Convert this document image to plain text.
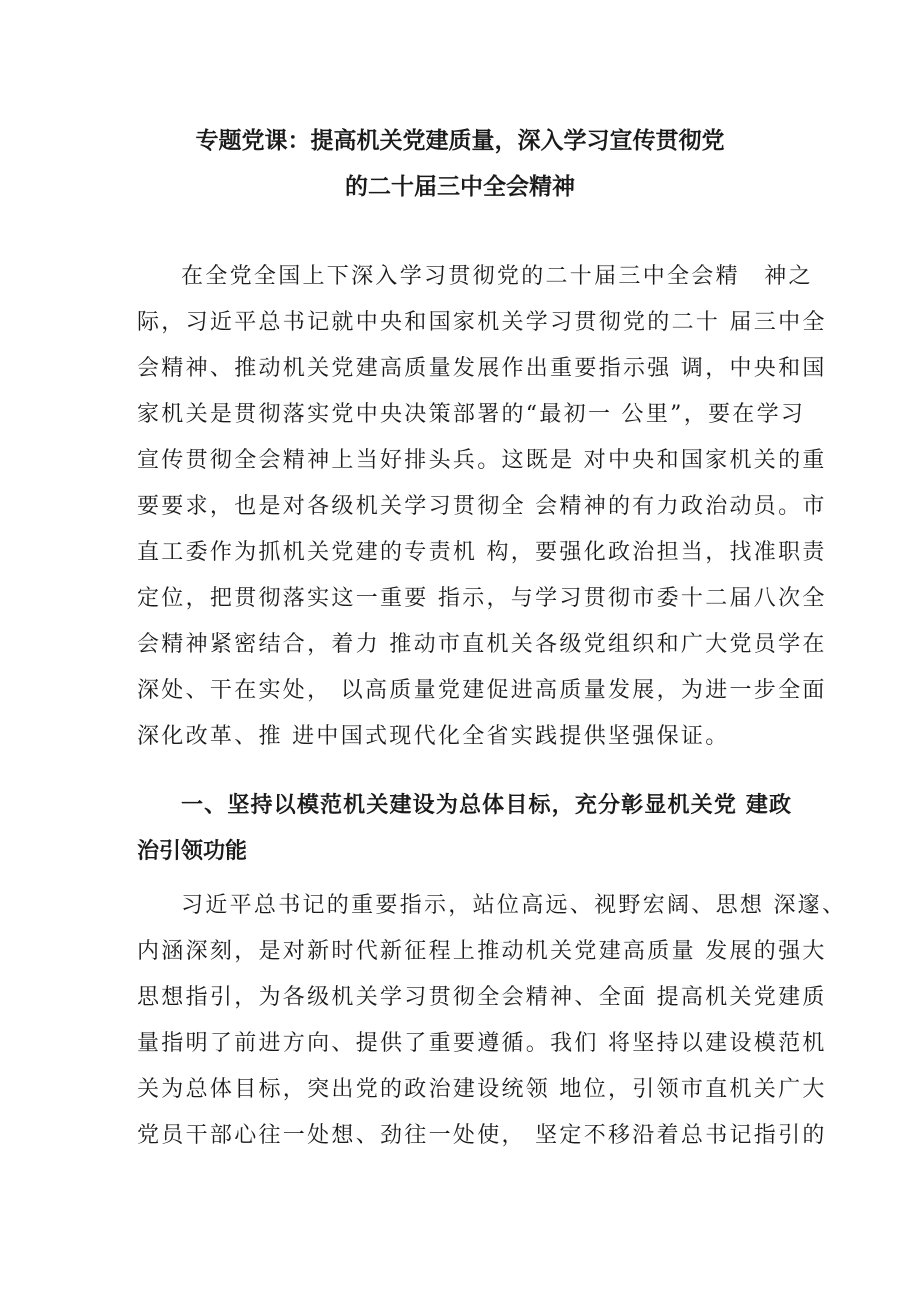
专题党课：提高机关党建质量，深入学习宣传贯彻党
的二十届三中全会精神
在全党全国上下深入学习贯彻党的二十届三中全会精　神之
际，习近平总书记就中央和国家机关学习贯彻党的二十 届三中全
会精神、推动机关党建高质量发展作出重要指示强 调，中央和国
家机关是贯彻落实党中央决策部署的“最初一 公里”，要在学习
宣传贯彻全会精神上当好排头兵。这既是 对中央和国家机关的重
要要求，也是对各级机关学习贯彻全 会精神的有力政治动员。市
直工委作为抓机关党建的专责机 构，要强化政治担当，找准职责
定位，把贯彻落实这一重要 指示，与学习贯彻市委十二届八次全
会精神紧密结合，着力 推动市直机关各级党组织和广大党员学在
深处、干在实处， 以高质量党建促进高质量发展，为进一步全面
深化改革、推 进中国式现代化全省实践提供坚强保证。
一、坚持以模范机关建设为总体目标，充分彰显机关党 建政
治引领功能
习近平总书记的重要指示，站位高远、视野宏阔、思想 深邃、
内涵深刻，是对新时代新征程上推动机关党建高质量 发展的强大
思想指引，为各级机关学习贯彻全会精神、全面 提高机关党建质
量指明了前进方向、提供了重要遵循。我们 将坚持以建设模范机
关为总体目标，突出党的政治建设统领 地位，引领市直机关广大
党员干部心往一处想、劲往一处使， 坚定不移沿着总书记指引的
